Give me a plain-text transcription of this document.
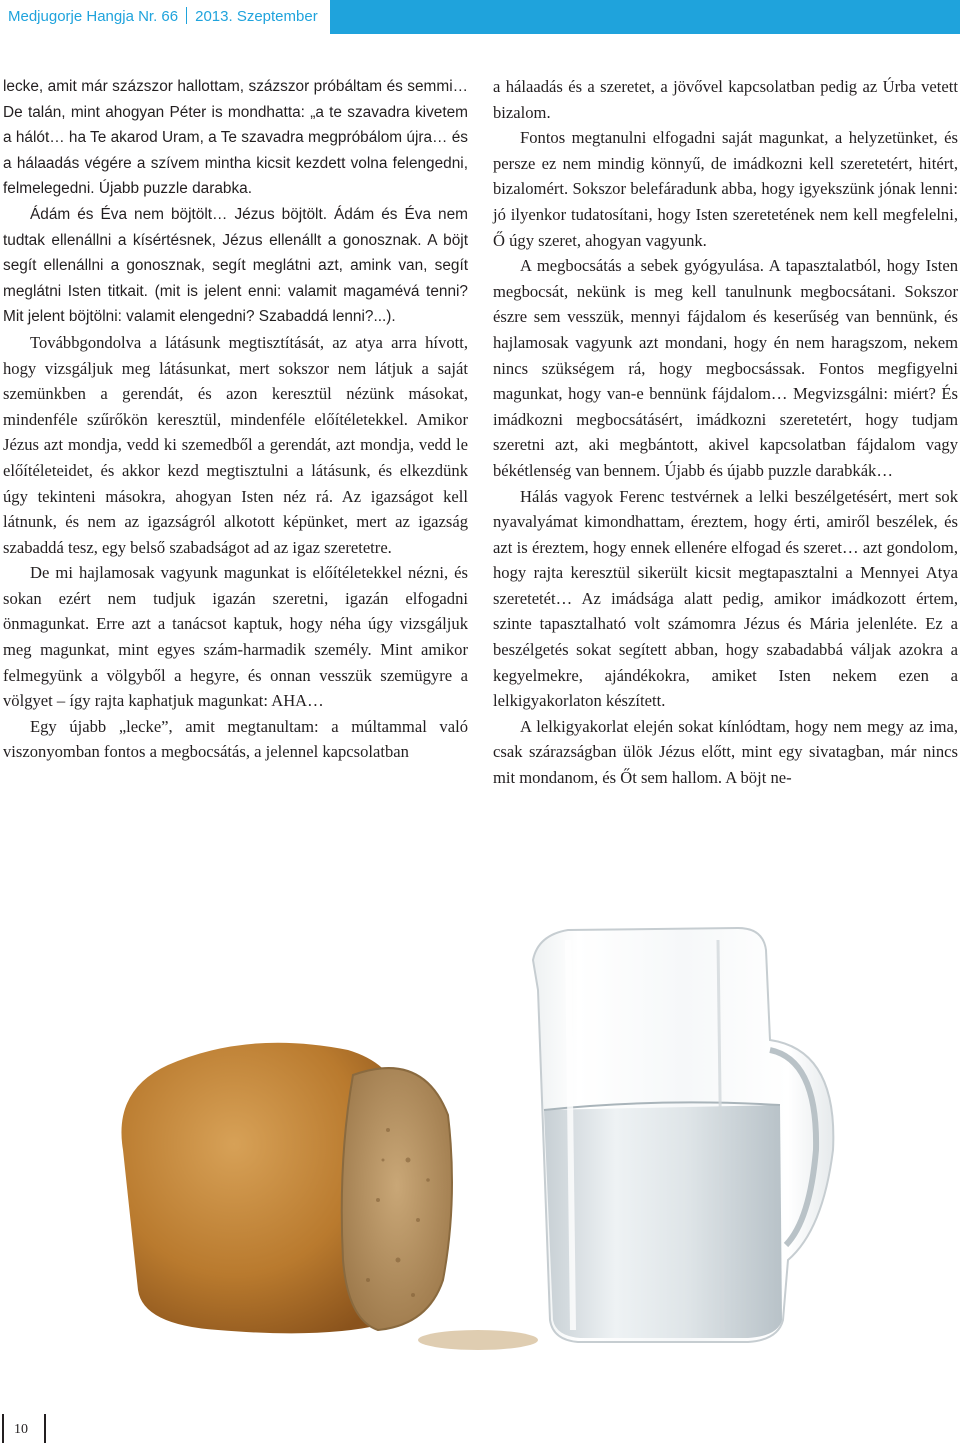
Medjugorje Hangja Nr. 66 2013. Szeptember

lecke, amit már százszor hallottam, százszor próbáltam és semmi… De talán, mint ahogyan Péter is mondhatta: „a te szavadra kivetem a hálót… ha Te akarod Uram, a Te szavadra megpróbálom újra… és a hálaadás végére a szívem mintha kicsit kezdett volna felengedni, felmelegedni. Újabb puzzle darabka.

Ádám és Éva nem böjtölt… Jézus böjtölt. Ádám és Éva nem tudtak ellenállni a kísértésnek, Jézus ellenállt a gonosznak. A böjt segít ellenállni a gonosznak, segít meglátni azt, amink van, segít meglátni Isten titkait. (mit is jelent enni: valamit magamévá tenni? Mit jelent böjtölni: valamit elengedni? Szabaddá lenni?...).

Továbbgondolva a látásunk megtisztítását, az atya arra hívott, hogy vizsgáljuk meg látásunkat, mert sokszor nem látjuk a saját szemünkben a gerendát, és azon keresztül nézünk másokat, mindenféle szűrőkön keresztül, mindenféle előítéletekkel. Amikor Jézus azt mondja, vedd ki szemedből a gerendát, azt mondja, vedd le előítéleteidet, és akkor kezd megtisztulni a látásunk, és elkezdünk úgy tekinteni másokra, ahogyan Isten néz rá. Az igazságot kell látnunk, és nem az igazságról alkotott képünket, mert az igazság szabaddá tesz, egy belső szabadságot ad az igaz szeretetre.

De mi hajlamosak vagyunk magunkat is előítéletekkel nézni, és sokan ezért nem tudjuk igazán szeretni, igazán elfogadni önmagunkat. Erre azt a tanácsot kaptuk, hogy néha úgy vizsgáljuk meg magunkat, mint egyes szám-harmadik személy. Mint amikor felmegyünk a völgyből a hegyre, és onnan vesszük szemügyre a völgyet – így rajta kaphatjuk magunkat: AHA…

Egy újabb „lecke”, amit megtanultam: a múltammal való viszonyomban fontos a megbocsátás, a jelennel kapcsolatban

a hálaadás és a szeretet, a jövővel kapcsolatban pedig az Úrba vetett bizalom.

Fontos megtanulni elfogadni saját magunkat, a helyzetünket, és persze ez nem mindig könnyű, de imádkozni kell szeretetért, hitért, bizalomért. Sokszor belefáradunk abba, hogy igyekszünk jónak lenni: jó ilyenkor tudatosítani, hogy Isten szeretetének nem kell megfelelni, Ő úgy szeret, ahogyan vagyunk.

A megbocsátás a sebek gyógyulása. A tapasztalatból, hogy Isten megbocsát, nekünk is meg kell tanulnunk megbocsátani. Sokszor észre sem vesszük, mennyi fájdalom és keserűség van bennünk, és hajlamosak vagyunk azt mondani, hogy én nem haragszom, nekem nincs szükségem rá, hogy megbocsássak. Fontos megfigyelni magunkat, hogy van-e bennünk fájdalom… Megvizsgálni: miért? És imádkozni megbocsátásért, imádkozni szeretetért, hogy tudjam szeretni azt, aki megbántott, akivel kapcsolatban fájdalom vagy békétlenség van bennem. Újabb és újabb puzzle darabkák…

Hálás vagyok Ferenc testvérnek a lelki beszélgetésért, mert sok nyavalyámat kimondhattam, éreztem, hogy érti, amiről beszélek, és azt is éreztem, hogy ennek ellenére elfogad és szeret… azt gondolom, hogy rajta keresztül sikerült kicsit megtapasztalni a Mennyei Atya szeretetét… Az imádsága alatt pedig, amikor imádkozott értem, szinte tapasztalható volt számomra Jézus és Mária jelenléte. Ez a beszélgetés sokat segített abban, hogy szabadabbá váljak azokra a kegyelmekre, ajándékokra, amiket Isten nekem ezen a lelkigyakorlaton készített.

A lelkigyakorlat elején sokat kínlódtam, hogy nem megy az ima, csak szárazságban ülök Jézus előtt, mint egy sivatagban, már nincs mit mondanom, és Őt sem hallom. A böjt ne-

10
